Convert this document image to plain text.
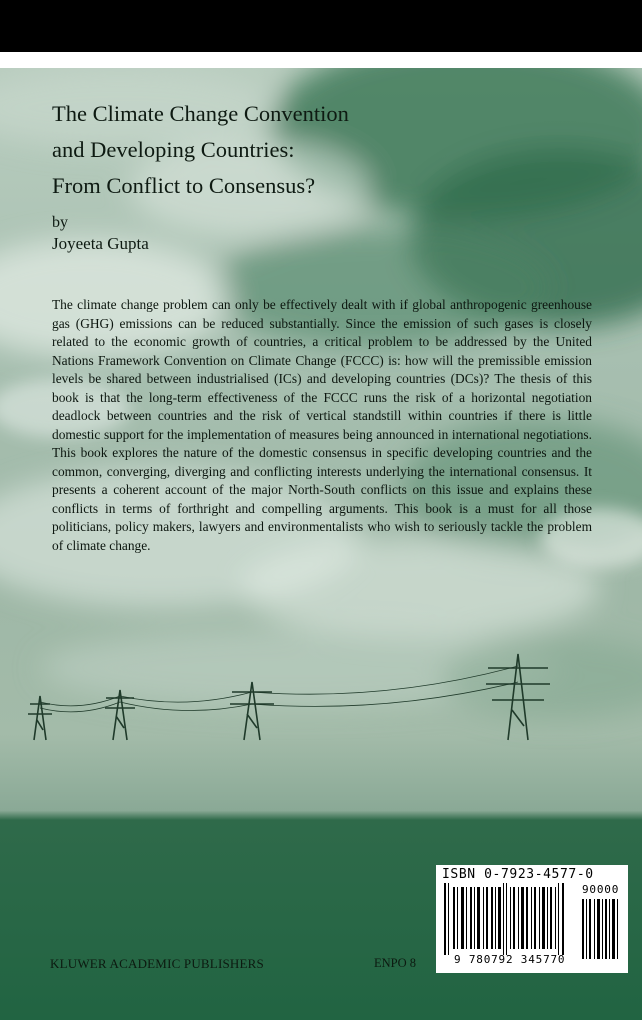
The Climate Change Convention
and Developing Countries:
From Conflict to Consensus?
by
Joyeeta Gupta

The climate change problem can only be effectively dealt with if global anthropogenic greenhouse gas (GHG) emissions can be reduced substantially. Since the emission of such gases is closely related to the economic growth of countries, a critical problem to be addressed by the United Nations Framework Convention on Climate Change (FCCC) is: how will the premissible emission levels be shared between industrialised (ICs) and developing countries (DCs)? The thesis of this book is that the long-term effectiveness of the FCCC runs the risk of a horizontal negotiation deadlock between countries and the risk of vertical standstill within countries if there is little domestic support for the implementation of measures being announced in international negotiations. This book explores the nature of the domestic consensus in specific developing countries and the common, converging, diverging and conflicting interests underlying the international consensus. It presents a coherent account of the major North-South conflicts on this issue and explains these conflicts in terms of forthright and compelling arguments. This book is a must for all those politicians, policy makers, lawyers and environmentalists who wish to seriously tackle the problem of climate change.

KLUWER ACADEMIC PUBLISHERS	ENPO 8
ISBN 0-7923-4577-0
90000
9 780792 345770
